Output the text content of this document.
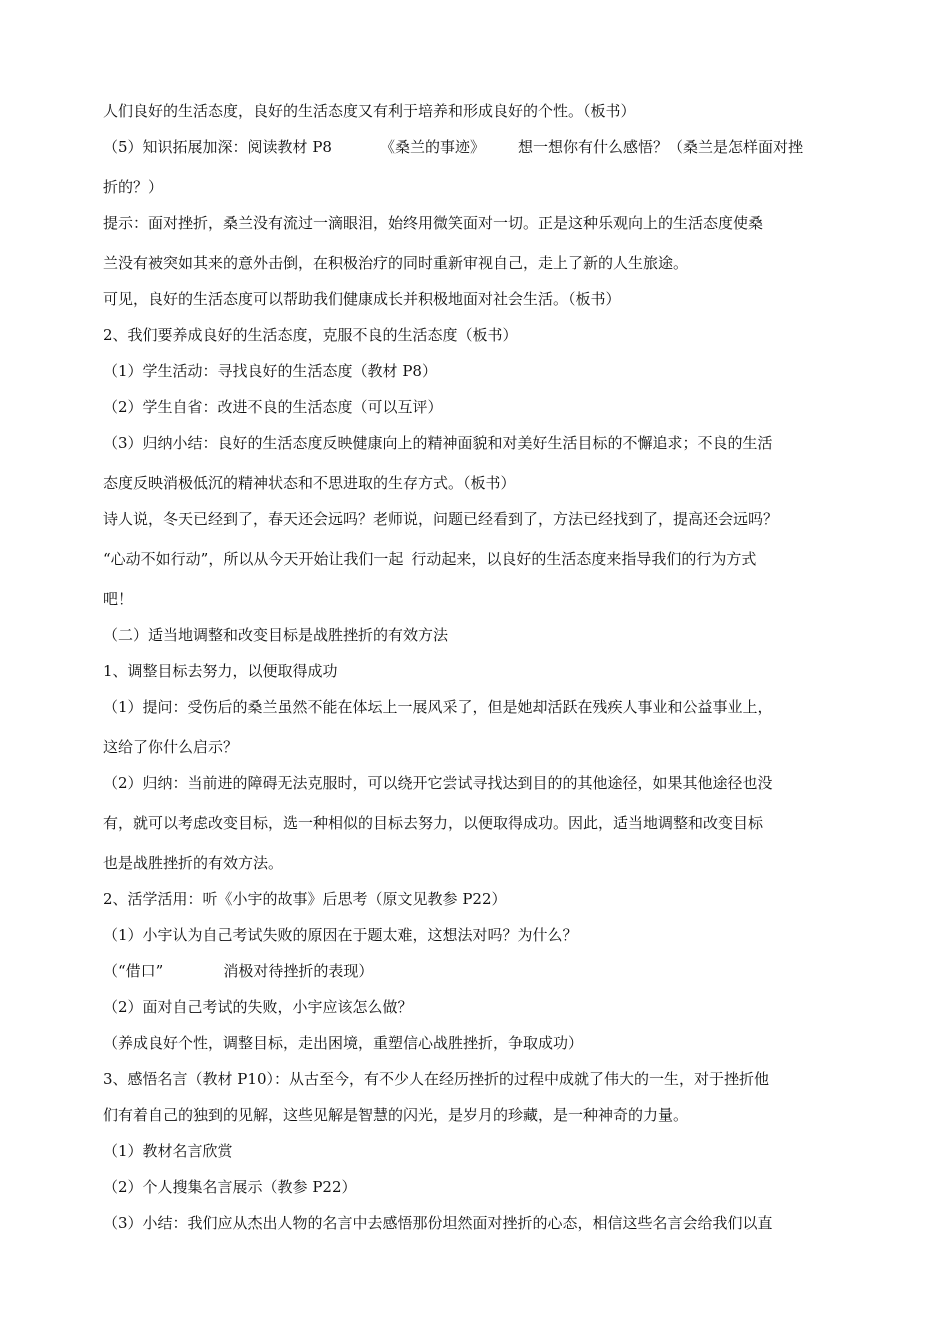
人们良好的生活态度，良好的生活态度又有利于培养和形成良好的个性。（板书）
（5）知识拓展加深：阅读教材 P8	《桑兰的事迹》 想一想你有什么感悟？（桑兰是怎样面对挫
折的？）
提示：面对挫折，桑兰没有流过一滴眼泪，始终用微笑面对一切。正是这种乐观向上的生活态度使桑
兰没有被突如其来的意外击倒，在积极治疗的同时重新审视自己，走上了新的人生旅途。
可见，良好的生活态度可以帮助我们健康成长并积极地面对社会生活。（板书）
2、我们要养成良好的生活态度，克服不良的生活态度（板书）
（1）学生活动：寻找良好的生活态度（教材 P8）
（2）学生自省：改进不良的生活态度（可以互评）
（3）归纳小结：良好的生活态度反映健康向上的精神面貌和对美好生活目标的不懈追求；不良的生活
态度反映消极低沉的精神状态和不思进取的生存方式。（板书）
诗人说，冬天已经到了，春天还会远吗？老师说，问题已经看到了，方法已经找到了，提高还会远吗？
“心动不如行动”，所以从今天开始让我们一起 行动起来，以良好的生活态度来指导我们的行为方式
吧！
（二）适当地调整和改变目标是战胜挫折的有效方法
1、调整目标去努力，以便取得成功
（1）提问：受伤后的桑兰虽然不能在体坛上一展风采了，但是她却活跃在残疾人事业和公益事业上，
这给了你什么启示？
（2）归纳：当前进的障碍无法克服时，可以绕开它尝试寻找达到目的的其他途径，如果其他途径也没
有，就可以考虑改变目标，选一种相似的目标去努力，以便取得成功。因此，适当地调整和改变目标
也是战胜挫折的有效方法。
2、活学活用：听《小宇的故事》后思考（原文见教参 P22）
（1）小宇认为自己考试失败的原因在于题太难，这想法对吗？为什么？
（“借口”	消极对待挫折的表现）
（2）面对自己考试的失败，小宇应该怎么做？
（养成良好个性，调整目标，走出困境，重塑信心战胜挫折，争取成功）
3、感悟名言（教材 P10）：从古至今，有不少人在经历挫折的过程中成就了伟大的一生，对于挫折他
们有着自己的独到的见解，这些见解是智慧的闪光，是岁月的珍藏，是一种神奇的力量。
（1）教材名言欣赏
（2）个人搜集名言展示（教参 P22）
（3）小结：我们应从杰出人物的名言中去感悟那份坦然面对挫折的心态，相信这些名言会给我们以直
